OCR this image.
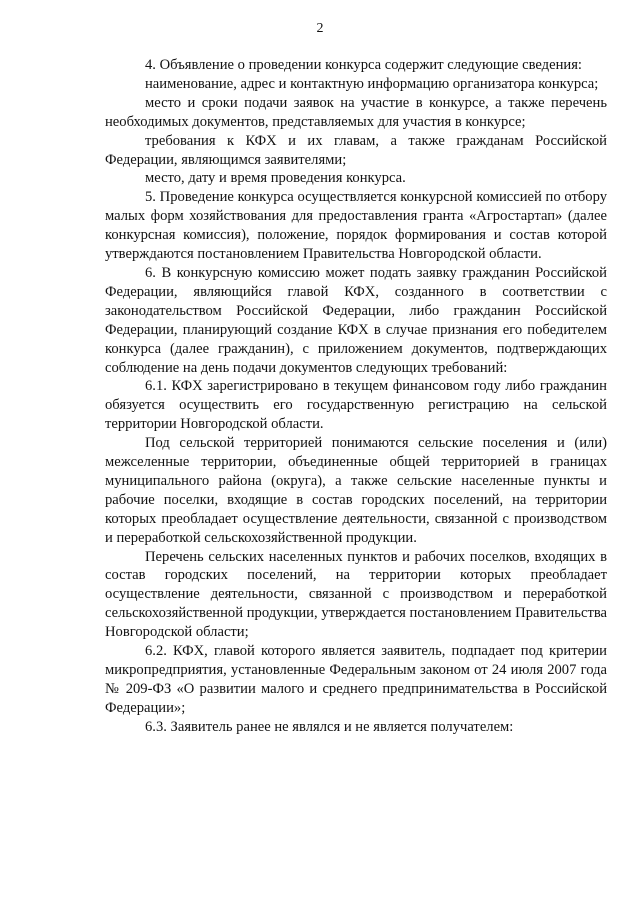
2

4. Объявление о проведении конкурса содержит следующие сведения:

наименование, адрес и контактную информацию организатора конкурса;

место и сроки подачи заявок на участие в конкурсе, а также перечень необходимых документов, представляемых для участия в конкурсе;

требования к КФХ и их главам, а также гражданам Российской Федерации, являющимся заявителями;

место, дату и время проведения конкурса.

5. Проведение конкурса осуществляется конкурсной комиссией по отбору малых форм хозяйствования для предоставления гранта «Агростартап» (далее конкурсная комиссия), положение, порядок формирования и состав которой утверждаются постановлением Правительства Новгородской области.

6. В конкурсную комиссию может подать заявку гражданин Российской Федерации, являющийся главой КФХ, созданного в соответствии с законодательством Российской Федерации, либо гражданин Российской Федерации, планирующий создание КФХ в случае признания его победителем конкурса (далее гражданин), с приложением документов, подтверждающих соблюдение на день подачи документов следующих требований:

6.1. КФХ зарегистрировано в текущем финансовом году либо гражданин обязуется осуществить его государственную регистрацию на сельской территории Новгородской области.

Под сельской территорией понимаются сельские поселения и (или) межселенные территории, объединенные общей территорией в границах муниципального района (округа), а также сельские населенные пункты и рабочие поселки, входящие в состав городских поселений, на территории которых преобладает осуществление деятельности, связанной с производством и переработкой сельскохозяйственной продукции.

Перечень сельских населенных пунктов и рабочих поселков, входящих в состав городских поселений, на территории которых преобладает осуществление деятельности, связанной с производством и переработкой сельскохозяйственной продукции, утверждается постановлением Правительства Новгородской области;

6.2. КФХ, главой которого является заявитель, подпадает под критерии микропредприятия, установленные Федеральным законом от 24 июля 2007 года № 209-ФЗ «О развитии малого и среднего предпринимательства в Российской Федерации»;

6.3. Заявитель ранее не являлся и не является получателем:
